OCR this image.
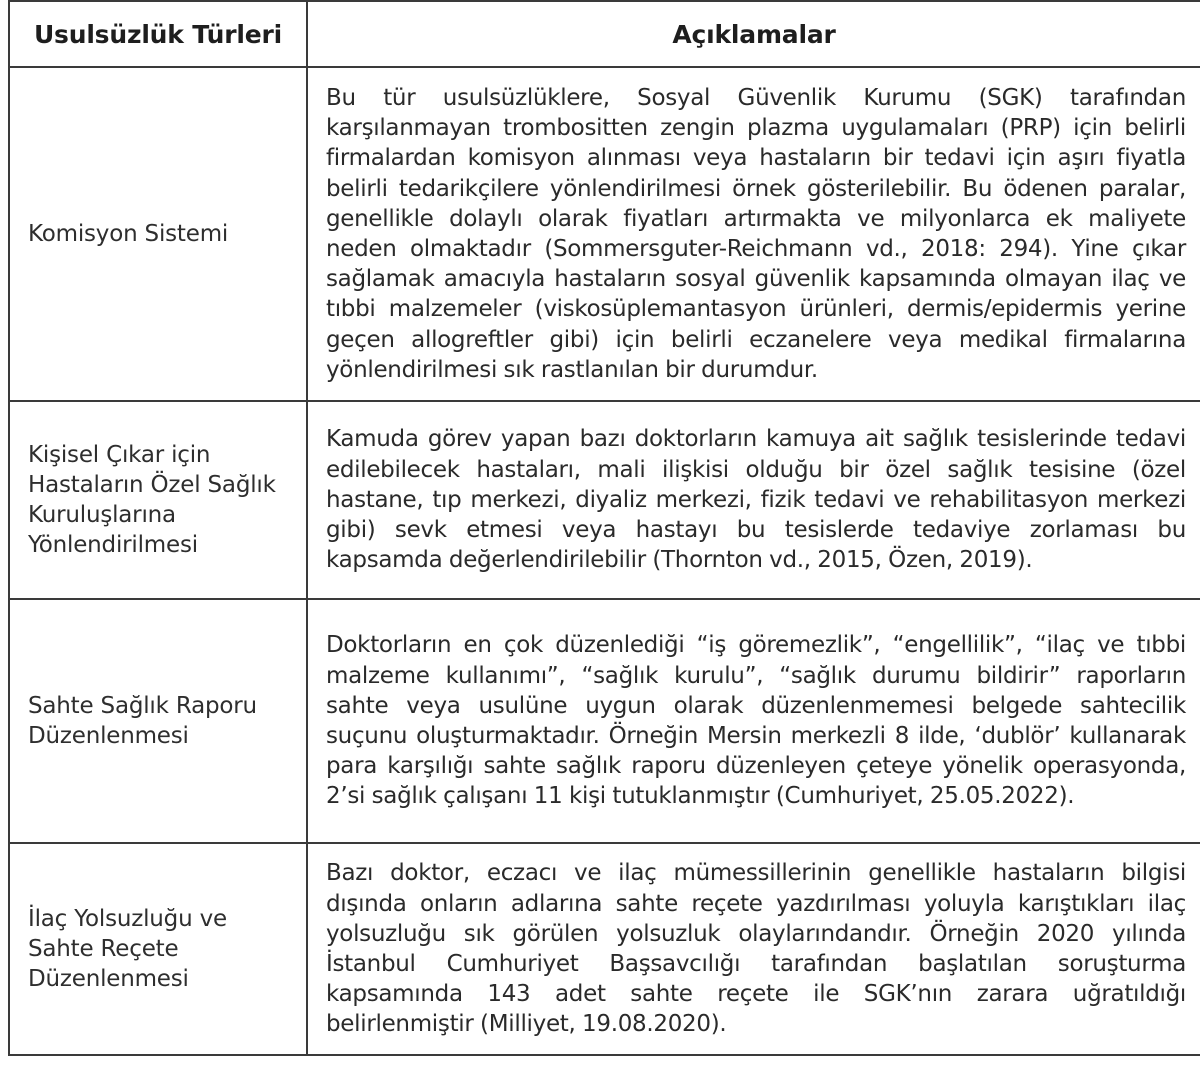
Usulsüzlük Türleri	Açıklamalar
Komisyon Sistemi	Bu tür usulsüzlüklere, Sosyal Güvenlik Kurumu (SGK) tarafından karşılanmayan trombositten zengin plazma uygulamaları (PRP) için belirli firmalardan komisyon alınması veya hastaların bir tedavi için aşırı fiyatla belirli tedarikçilere yönlendirilmesi örnek gösterilebilir. Bu ödenen paralar, genellikle dolaylı olarak fiyatları artırmakta ve milyonlarca ek maliyete neden olmaktadır (Sommersguter-Reichmann vd., 2018: 294). Yine çıkar sağlamak amacıyla hastaların sosyal güvenlik kapsamında olmayan ilaç ve tıbbi malzemeler (viskosüplemantasyon ürünleri, dermis/epidermis yerine geçen allogreftler gibi) için belirli eczanelere veya medikal firmalarına yönlendirilmesi sık rastlanılan bir durumdur.
Kişisel Çıkar için Hastaların Özel Sağlık Kuruluşlarına Yönlendirilmesi	Kamuda görev yapan bazı doktorların kamuya ait sağlık tesislerinde tedavi edilebilecek hastaları, mali ilişkisi olduğu bir özel sağlık tesisine (özel hastane, tıp merkezi, diyaliz merkezi, fizik tedavi ve rehabilitasyon merkezi gibi) sevk etmesi veya hastayı bu tesislerde tedaviye zorlaması bu kapsamda değerlendirilebilir (Thornton vd., 2015, Özen, 2019).
Sahte Sağlık Raporu Düzenlenmesi	Doktorların en çok düzenlediği “iş göremezlik”, “engellilik”, “ilaç ve tıbbi malzeme kullanımı”, “sağlık kurulu”, “sağlık durumu bildirir” raporların sahte veya usulüne uygun olarak düzenlenmemesi belgede sahtecilik suçunu oluşturmaktadır. Örneğin Mersin merkezli 8 ilde, ‘dublör’ kullanarak para karşılığı sahte sağlık raporu düzenleyen çeteye yönelik operasyonda, 2’si sağlık çalışanı 11 kişi tutuklanmıştır (Cumhuriyet, 25.05.2022).
İlaç Yolsuzluğu ve Sahte Reçete Düzenlenmesi	Bazı doktor, eczacı ve ilaç mümessillerinin genellikle hastaların bilgisi dışında onların adlarına sahte reçete yazdırılması yoluyla karıştıkları ilaç yolsuzluğu sık görülen yolsuzluk olaylarındandır. Örneğin 2020 yılında İstanbul Cumhuriyet Başsavcılığı tarafından başlatılan soruşturma kapsamında 143 adet sahte reçete ile SGK’nın zarara uğratıldığı belirlenmiştir (Milliyet, 19.08.2020).
